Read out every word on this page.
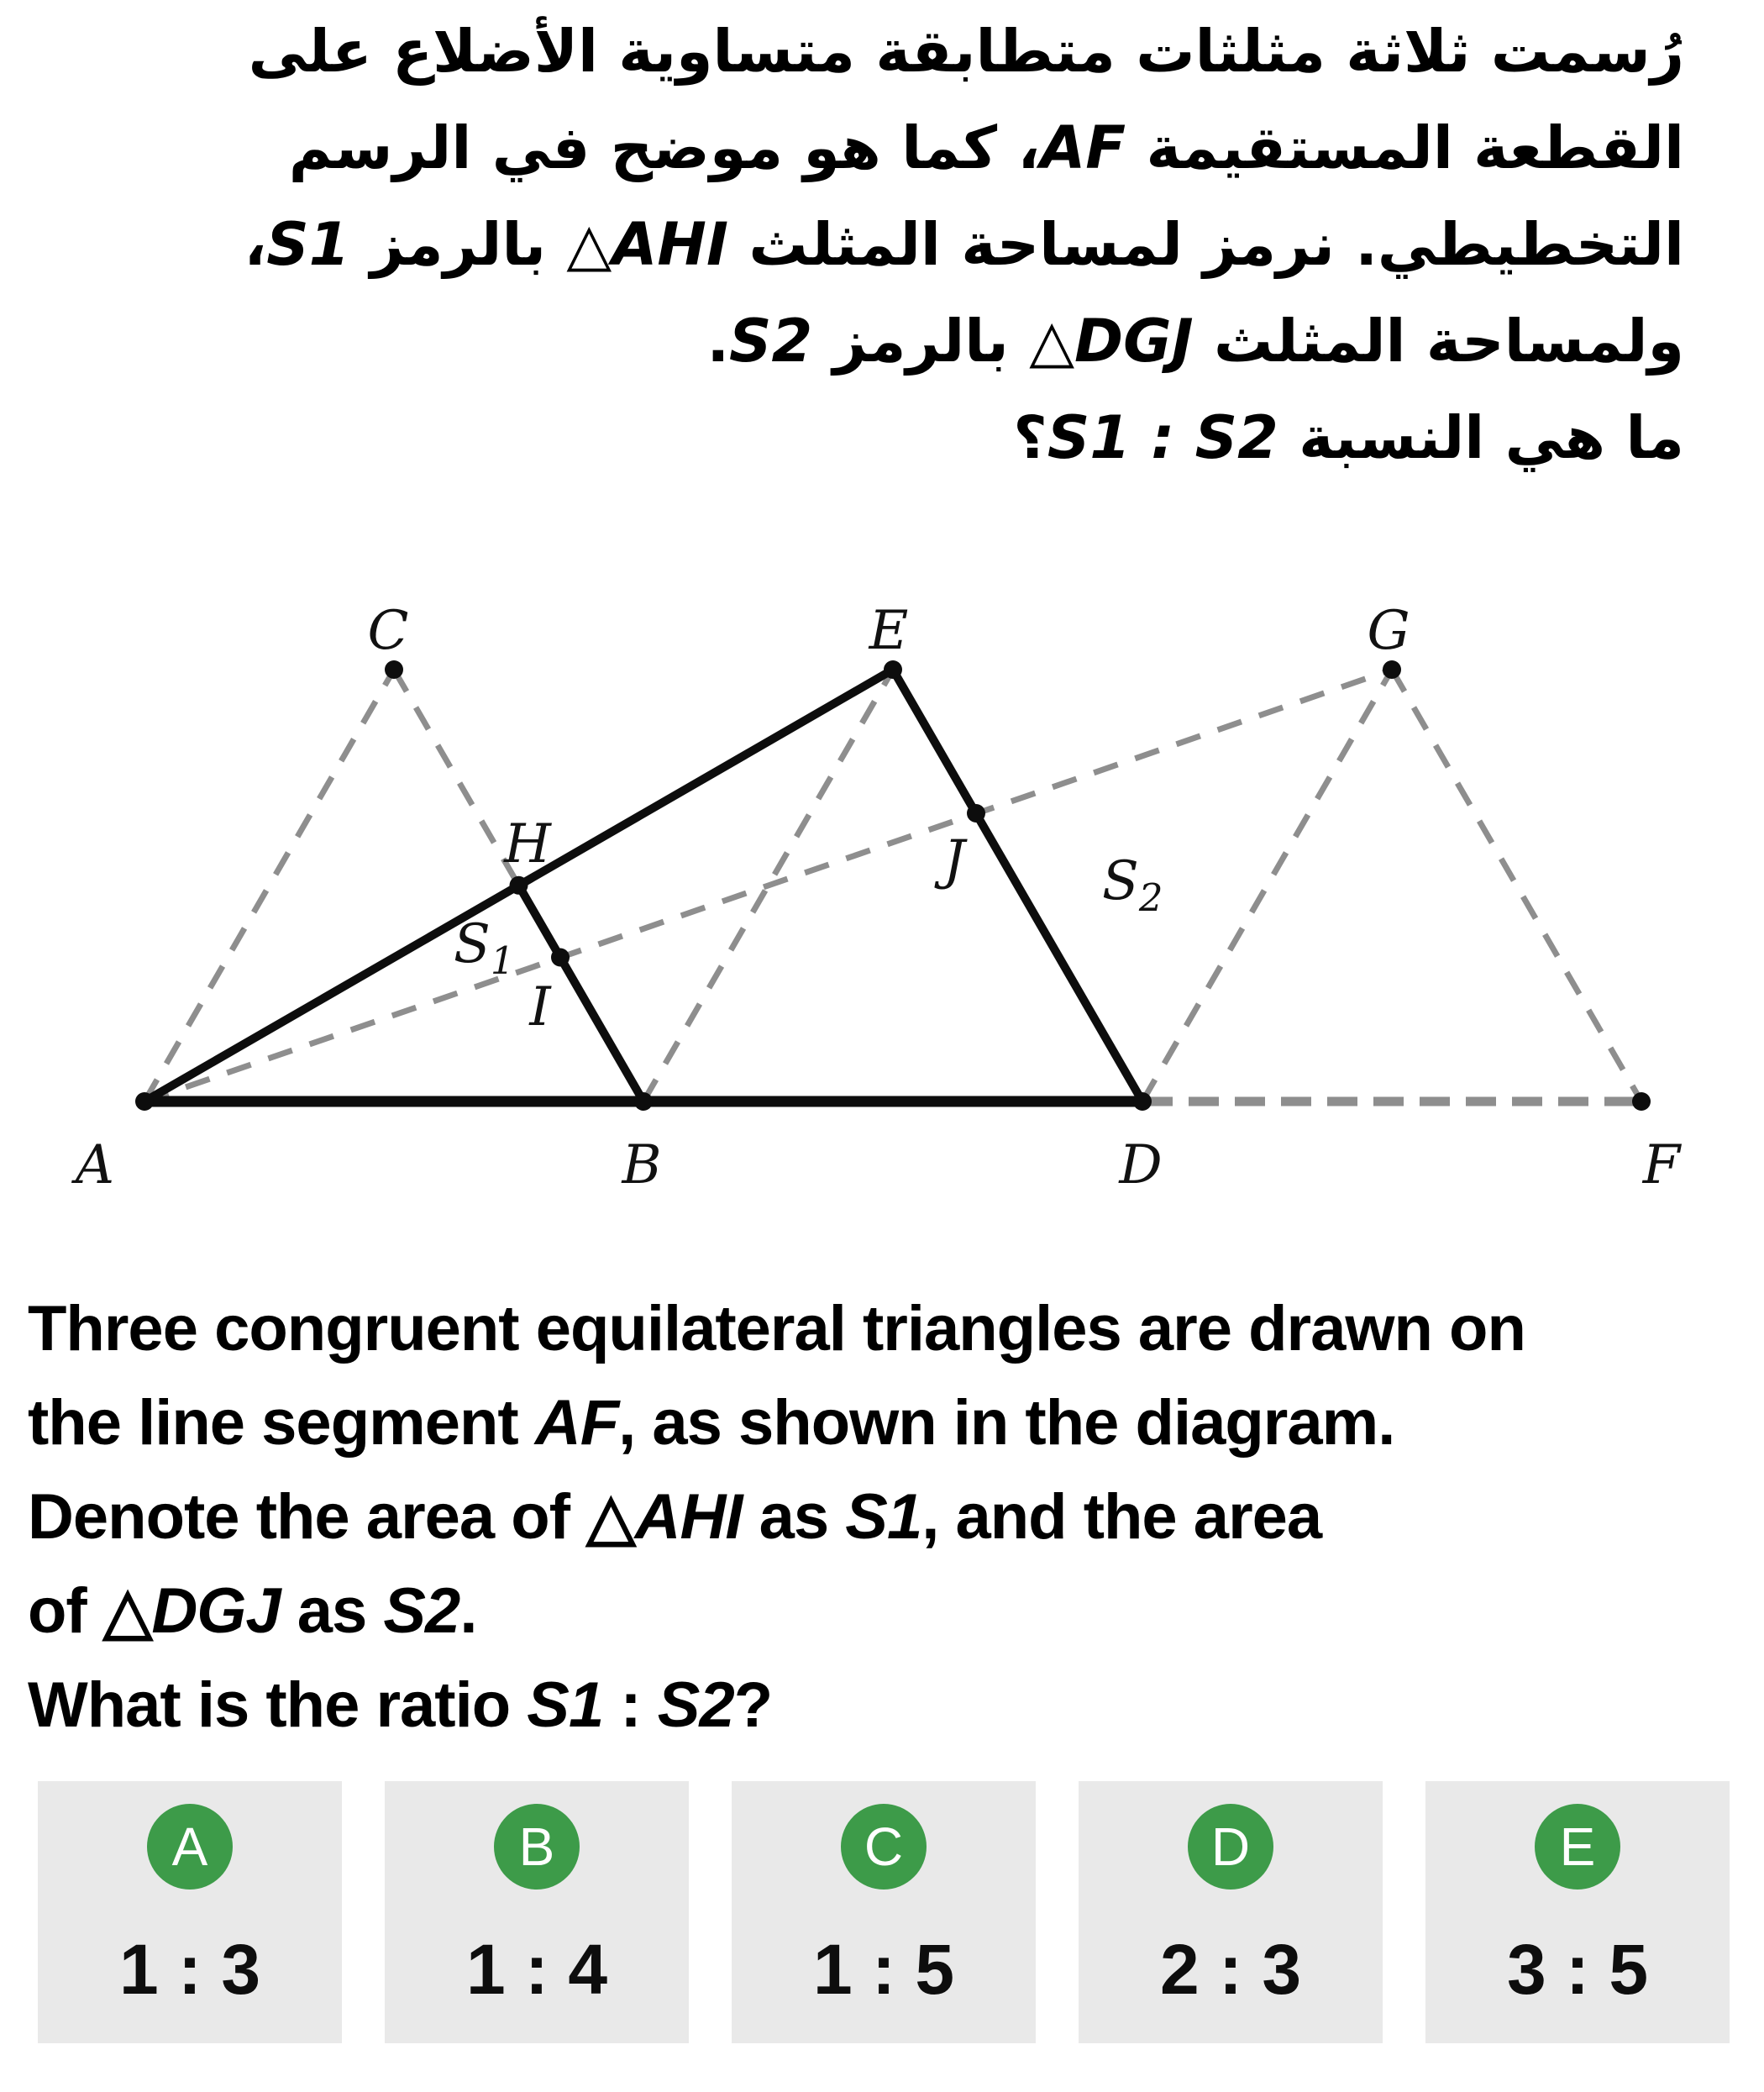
رُسمت ثلاثة مثلثات متطابقة متساوية الأضلاع على
القطعة المستقيمة AF، كما هو موضح في الرسم
التخطيطي. نرمز لمساحة المثلث △AHI بالرمز S1،
ولمساحة المثلث △DGJ بالرمز S2.
ما هي النسبة S1 : S2؟
C	E	G
A	B	D	F
H
I
J
$S_1$
$S_2$
Three congruent equilateral triangles are drawn on
the line segment AF, as shown in the diagram.
Denote the area of △AHI as S1, and the area
of △DGJ as S2.
What is the ratio S1 : S2?
A
1 : 3
B
1 : 4
C
1 : 5
D
2 : 3
E
3 : 5
